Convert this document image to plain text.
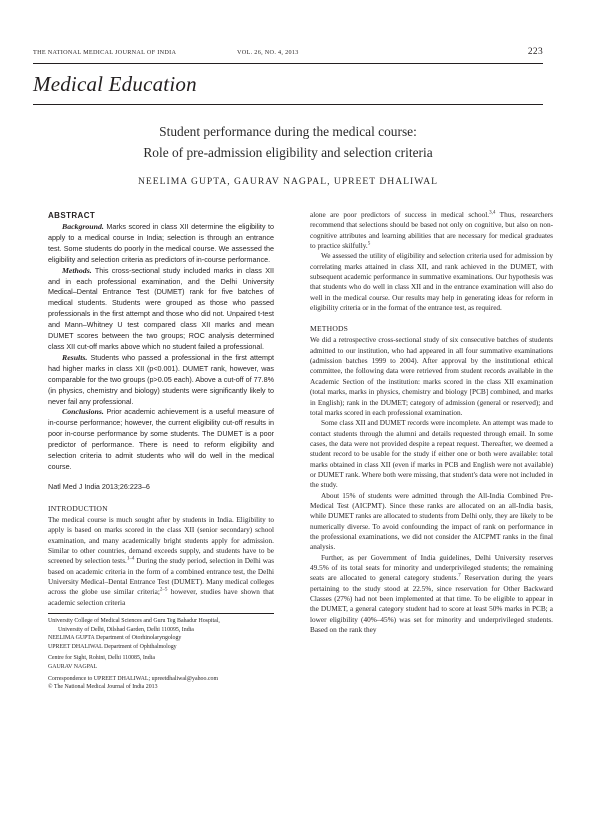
THE NATIONAL MEDICAL JOURNAL OF INDIA	VOL. 26, NO. 4, 2013	223
Medical Education
Student performance during the medical course:
Role of pre-admission eligibility and selection criteria
NEELIMA GUPTA, GAURAV NAGPAL, UPREET DHALIWAL
ABSTRACT

Background. Marks scored in class XII determine the eligibility to apply to a medical course in India; selection is through an entrance test. Some students do poorly in the medical course. We assessed the eligibility and selection criteria as predictors of in-course performance.

Methods. This cross-sectional study included marks in class XII and in each professional examination, and the Delhi University Medical–Dental Entrance Test (DUMET) rank for five batches of medical students. Students were grouped as those who passed professionals in the first attempt and those who did not. Unpaired t-test and Mann–Whitney U test compared class XII marks and mean DUMET scores between the two groups; ROC analysis determined class XII cut-off marks above which no student failed a professional.

Results. Students who passed a professional in the first attempt had higher marks in class XII (p<0.001). DUMET rank, however, was comparable for the two groups (p>0.05 each). Above a cut-off of 77.8% (in physics, chemistry and biology) students were significantly likely to never fail any professional.

Conclusions. Prior academic achievement is a useful measure of in-course performance; however, the current eligibility cut-off results in poor in-course performance by some students. The DUMET is a poor predictor of performance. There is need to reform eligibility and selection criteria to admit students who will do well in the medical course.

Natl Med J India 2013;26:223–6
INTRODUCTION

The medical course is much sought after by students in India. Eligibility to apply is based on marks scored in the class XII (senior secondary) school examination, and many academically bright students apply for admission. Similar to other countries, demand exceeds supply, and students have to be screened by selection tests.$^{1-4}$ During the study period, selection in Delhi was based on academic criteria in the form of a combined entrance test, the Delhi University Medical–Dental Entrance Test (DUMET). Many medical colleges across the globe use similar criteria;$^{2-5}$ however, studies have shown that academic selection criteria

University College of Medical Sciences and Guru Teg Bahadur Hospital,

University of Delhi, Dilshad Garden, Delhi 110095, India

NEELIMA GUPTA Department of Otorhinolaryngology

UPREET DHALIWAL Department of Ophthalmology

Centre for Sight, Rohini, Delhi 110085, India

GAURAV NAGPAL

Correspondence to UPREET DHALIWAL; upreetdhaliwal@yahoo.com

© The National Medical Journal of India 2013

alone are poor predictors of success in medical school.$^{3,4}$ Thus, researchers recommend that selections should be based not only on cognitive, but also on non-cognitive attributes and learning abilities that are necessary for medical graduates to practice skilfully.$^5$

We assessed the utility of eligibility and selection criteria used for admission by correlating marks attained in class XII, and rank achieved in the DUMET, with subsequent academic performance in summative examinations. Our hypothesis was that students who do well in class XII and in the entrance examination will also do well in the medical course. Our results may help in generating ideas for reform in eligibility criteria or in the format of the entrance test, as required.

METHODS

We did a retrospective cross-sectional study of six consecutive batches of students admitted to our institution, who had appeared in all four summative examinations (admission batches 1999 to 2004). After approval by the institutional ethical committee, the following data were retrieved from student records available in the Academic Section of the institution: marks scored in the class XII examination (total marks, marks in physics, chemistry and biology [PCB] combined, and marks in English); rank in the DUMET; category of admission (general or reserved); and total marks scored in each professional examination.

Some class XII and DUMET records were incomplete. An attempt was made to contact students through the alumni and details requested through email. In some cases, the data were not provided despite a repeat request. Thereafter, we deemed a student record to be usable for the study if either one or both were available: total marks obtained in class XII (even if marks in PCB and English were not available) or DUMET rank. Where both were missing, that student's data were not included in the study.

About 15% of students were admitted through the All-India Combined Pre-Medical Test (AICPMT). Since these ranks are allocated on an all-India basis, while DUMET ranks are allocated to students from Delhi only, they are likely to be numerically diverse. To avoid confounding the impact of rank on performance in the professional examinations, we did not consider the AICPMT ranks in the final analysis.

Further, as per Government of India guidelines, Delhi University reserves 49.5% of its total seats for minority and underprivileged students; the remaining seats are allocated to general category students.$^7$ Reservation during the years pertaining to the study stood at 22.5%, since reservation for Other Backward Classes (27%) had not been implemented at that time. To be eligible to appear in the DUMET, a general category student had to score at least 50% marks in PCB; a lower eligibility (40%–45%) was set for minority and underprivileged students. Based on the rank they
